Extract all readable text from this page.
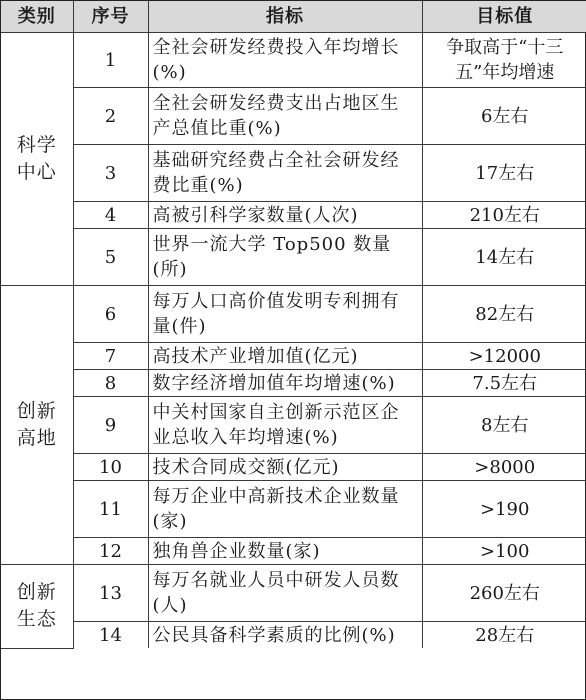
类别	序号	指标	目标值
科学中心	1	全社会研发经费投入年均增长(%)	争取高于“十三五”年均增速
	2	全社会研发经费支出占地区生产总值比重(%)	6左右
	3	基础研究经费占全社会研发经费比重(%)	17左右
	4	高被引科学家数量(人次)	210左右
	5	世界一流大学 Top500 数量(所)	14左右
创新高地	6	每万人口高价值发明专利拥有量(件)	82左右
	7	高技术产业增加值(亿元)	>12000
	8	数字经济增加值年均增速(%)	7.5左右
	9	中关村国家自主创新示范区企业总收入年均增速(%)	8左右
	10	技术合同成交额(亿元)	>8000
	11	每万企业中高新技术企业数量(家)	>190
	12	独角兽企业数量(家)	>100
创新生态	13	每万名就业人员中研发人员数(人)	260左右
	14	公民具备科学素质的比例(%)	28左右
